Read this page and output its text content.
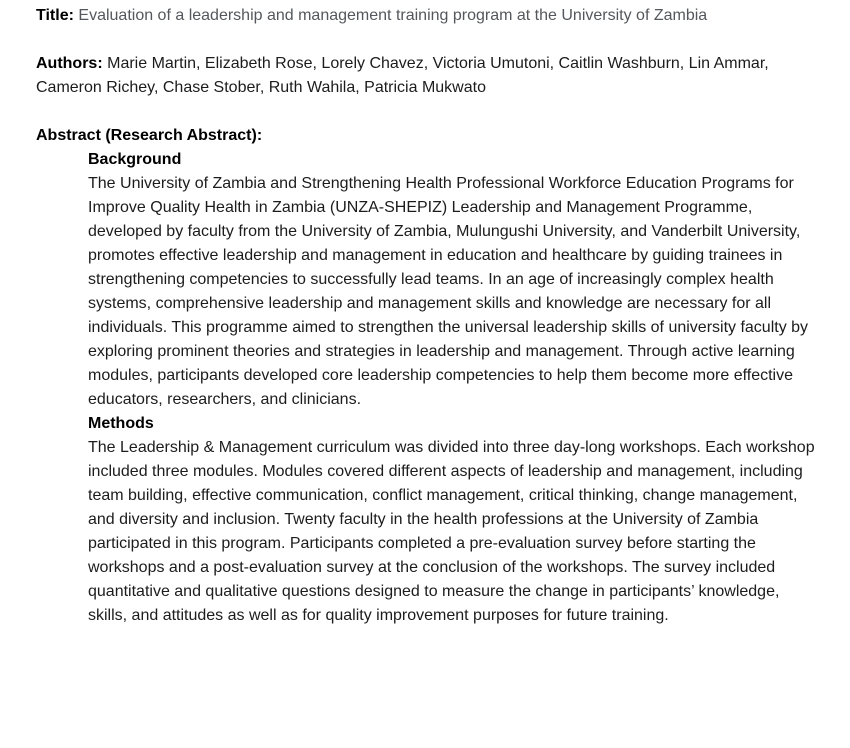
Title: Evaluation of a leadership and management training program at the University of Zambia

Authors: Marie Martin, Elizabeth Rose, Lorely Chavez, Victoria Umutoni, Caitlin Washburn, Lin Ammar, Cameron Richey, Chase Stober, Ruth Wahila, Patricia Mukwato

Abstract (Research Abstract):

Background

The University of Zambia and Strengthening Health Professional Workforce Education Programs for Improve Quality Health in Zambia (UNZA-SHEPIZ) Leadership and Management Programme, developed by faculty from the University of Zambia, Mulungushi University, and Vanderbilt University, promotes effective leadership and management in education and healthcare by guiding trainees in strengthening competencies to successfully lead teams. In an age of increasingly complex health systems, comprehensive leadership and management skills and knowledge are necessary for all individuals. This programme aimed to strengthen the universal leadership skills of university faculty by exploring prominent theories and strategies in leadership and management. Through active learning modules, participants developed core leadership competencies to help them become more effective educators, researchers, and clinicians.

Methods

The Leadership & Management curriculum was divided into three day-long workshops. Each workshop included three modules. Modules covered different aspects of leadership and management, including team building, effective communication, conflict management, critical thinking, change management, and diversity and inclusion. Twenty faculty in the health professions at the University of Zambia participated in this program. Participants completed a pre-evaluation survey before starting the workshops and a post-evaluation survey at the conclusion of the workshops. The survey included quantitative and qualitative questions designed to measure the change in participants’ knowledge, skills, and attitudes as well as for quality improvement purposes for future training.
